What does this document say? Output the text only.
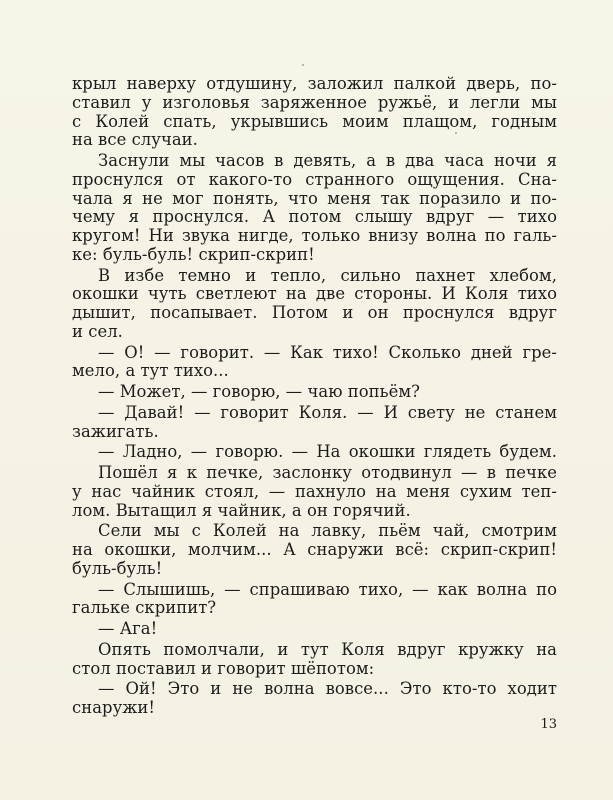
крыл наверху отдушину, заложил палкой дверь, по-
ставил у изголовья заряженное ружьё, и легли мы
с Колей спать, укрывшись моим плащом, годным
на все случаи.
Заснули мы часов в девять, а в два часа ночи я
проснулся от какого-то странного ощущения. Сна-
чала я не мог понять, что меня так поразило и по-
чему я проснулся. А потом слышу вдруг — тихо
кругом! Ни звука нигде, только внизу волна по галь-
ке: буль-буль! скрип-скрип!
В избе темно и тепло, сильно пахнет хлебом,
окошки чуть светлеют на две стороны. И Коля тихо
дышит, посапывает. Потом и он проснулся вдруг
и сел.
— О! — говорит. — Как тихо! Сколько дней гре-
мело, а тут тихо...
— Может, — говорю, — чаю попьём?
— Давай! — говорит Коля. — И свету не станем
зажигать.
— Ладно, — говорю. — На окошки глядеть будем.
Пошёл я к печке, заслонку отодвинул — в печке
у нас чайник стоял, — пахнуло на меня сухим теп-
лом. Вытащил я чайник, а он горячий.
Сели мы с Колей на лавку, пьём чай, смотрим
на окошки, молчим... А снаружи всё: скрип-скрип!
буль-буль!
— Слышишь, — спрашиваю тихо, — как волна по
гальке скрипит?
— Ага!
Опять помолчали, и тут Коля вдруг кружку на
стол поставил и говорит шёпотом:
— Ой! Это и не волна вовсе... Это кто-то ходит
снаружи!
13
